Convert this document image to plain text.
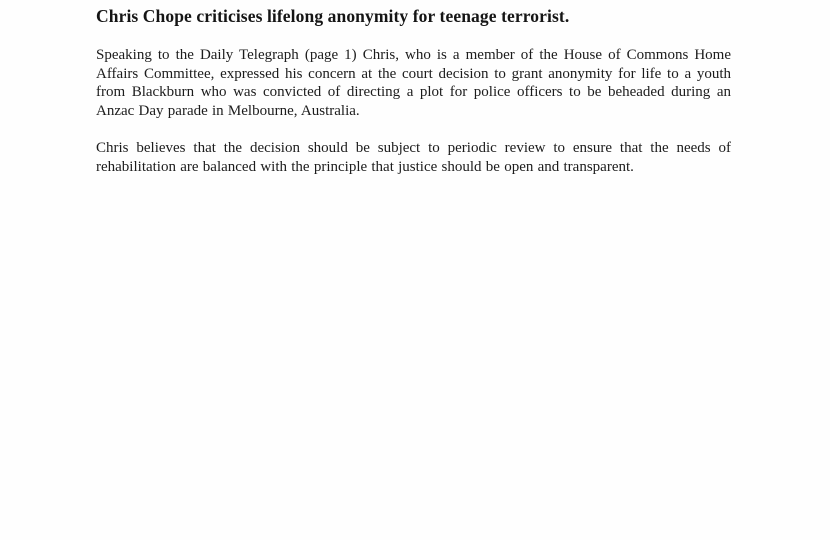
Chris Chope criticises lifelong anonymity for teenage terrorist.

Speaking to the Daily Telegraph (page 1) Chris, who is a member of the House of Commons Home Affairs Committee, expressed his concern at the court decision to grant anonymity for life to a youth from Blackburn who was convicted of directing a plot for police officers to be beheaded during an Anzac Day parade in Melbourne, Australia.

Chris believes that the decision should be subject to periodic review to ensure that the needs of rehabilitation are balanced with the principle that justice should be open and transparent.
